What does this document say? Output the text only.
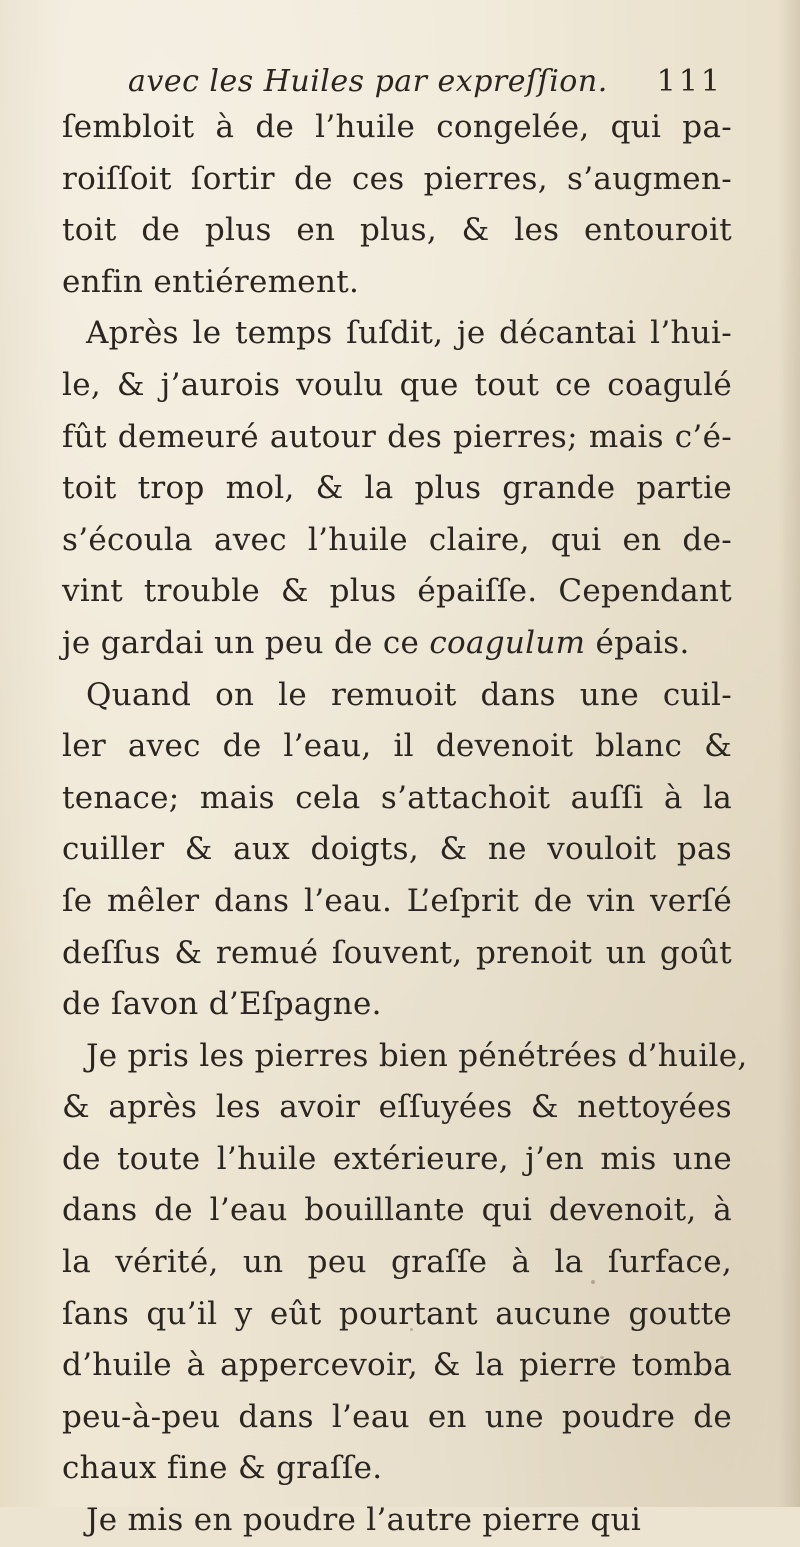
avec les Huiles par expreſſion. 111
ſembloit à de l’huile congelée, qui pa-
roiſſoit ſortir de ces pierres, s’augmen-
toit de plus en plus, & les entouroit
enfin entiérement.
Après le temps ſuſdit, je décantai l’hui-
le, & j’aurois voulu que tout ce coagulé
fût demeuré autour des pierres; mais c’é-
toit trop mol, & la plus grande partie
s’écoula avec l’huile claire, qui en de-
vint trouble & plus épaiſſe. Cependant
je gardai un peu de ce coagulum épais.
Quand on le remuoit dans une cuil-
ler avec de l’eau, il devenoit blanc &
tenace; mais cela s’attachoit auſſi à la
cuiller & aux doigts, & ne vouloit pas
ſe mêler dans l’eau. L’eſprit de vin verſé
deſſus & remué ſouvent, prenoit un goût
de ſavon d’Eſpagne.
Je pris les pierres bien pénétrées d’huile,
& après les avoir eſſuyées & nettoyées
de toute l’huile extérieure, j’en mis une
dans de l’eau bouillante qui devenoit, à
la vérité, un peu graſſe à la ſurface,
ſans qu’il y eût pourtant aucune goutte
d’huile à appercevoir, & la pierre tomba
peu-à-peu dans l’eau en une poudre de
chaux fine & graſſe.
Je mis en poudre l’autre pierre qui
